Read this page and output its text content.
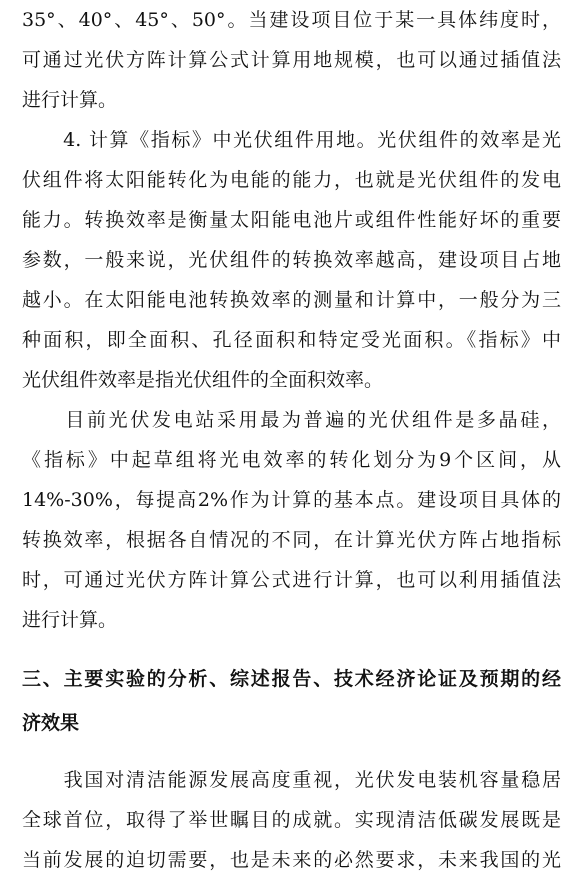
35°、40°、45°、50°。当建设项目位于某一具体纬度时，
可通过光伏方阵计算公式计算用地规模，也可以通过插值法
进行计算。
　　4. 计算《指标》中光伏组件用地。光伏组件的效率是光
伏组件将太阳能转化为电能的能力，也就是光伏组件的发电
能力。转换效率是衡量太阳能电池片或组件性能好坏的重要
参数，一般来说，光伏组件的转换效率越高，建设项目占地
越小。在太阳能电池转换效率的测量和计算中，一般分为三
种面积，即全面积、孔径面积和特定受光面积。《指标》中
光伏组件效率是指光伏组件的全面积效率。
　　目前光伏发电站采用最为普遍的光伏组件是多晶硅，
《指标》中起草组将光电效率的转化划分为9个区间，从
14%-30%，每提高2%作为计算的基本点。建设项目具体的
转换效率，根据各自情况的不同，在计算光伏方阵占地指标
时，可通过光伏方阵计算公式进行计算，也可以利用插值法
进行计算。
三、主要实验的分析、综述报告、技术经济论证及预期的经
济效果
　　我国对清洁能源发展高度重视，光伏发电装机容量稳居
全球首位，取得了举世瞩目的成就。实现清洁低碳发展既是
当前发展的迫切需要，也是未来的必然要求，未来我国的光
